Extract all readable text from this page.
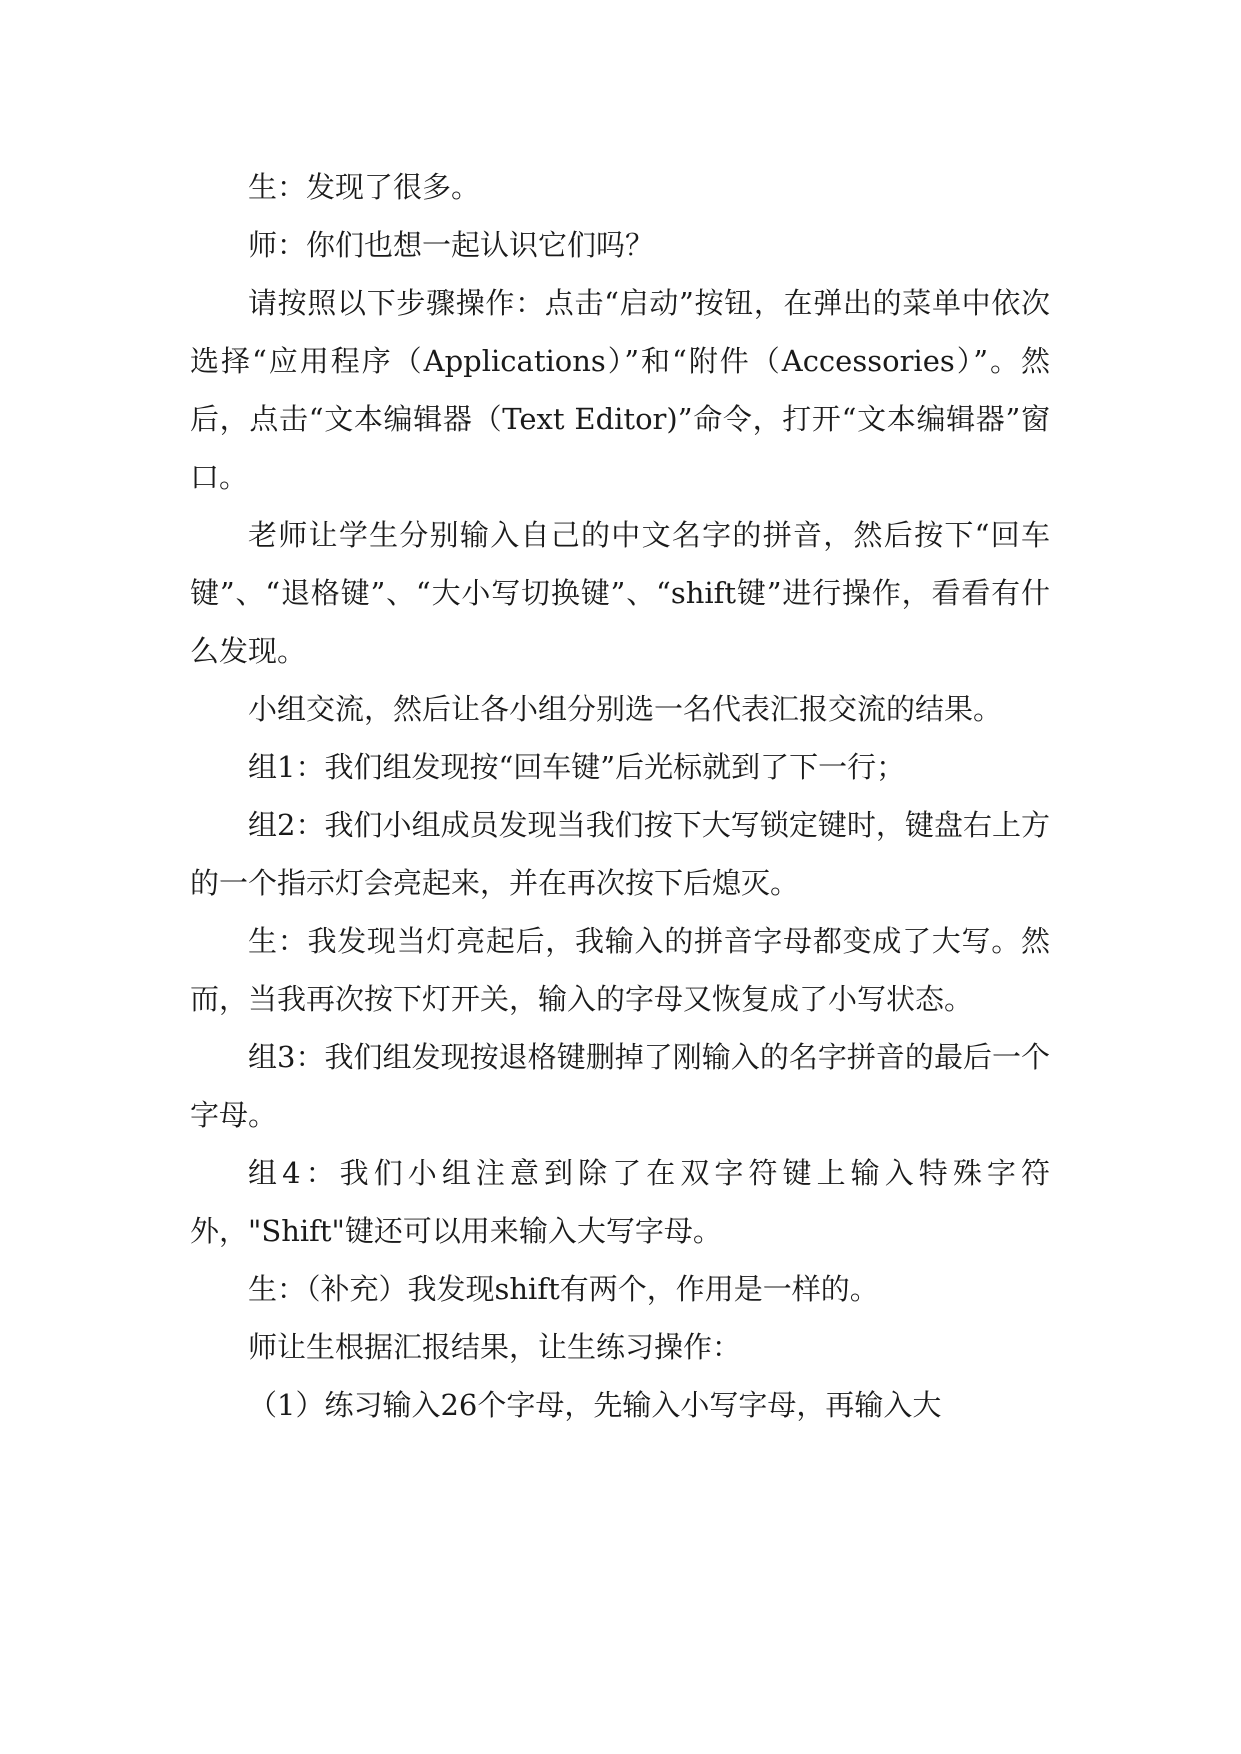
生：发现了很多。

师：你们也想一起认识它们吗？

请按照以下步骤操作：点击“启动”按钮，在弹出的菜单中依次选择“应用程序（Applications）”和“附件（Accessories）”。然后，点击“文本编辑器（Text Editor)”命令，打开“文本编辑器”窗口。

老师让学生分别输入自己的中文名字的拼音，然后按下“回车键”、“退格键”、“大小写切换键”、“shift键”进行操作，看看有什么发现。

小组交流，然后让各小组分别选一名代表汇报交流的结果。

组1：我们组发现按“回车键”后光标就到了下一行；

组2：我们小组成员发现当我们按下大写锁定键时，键盘右上方的一个指示灯会亮起来，并在再次按下后熄灭。

生：我发现当灯亮起后，我输入的拼音字母都变成了大写。然而，当我再次按下灯开关，输入的字母又恢复成了小写状态。

组3：我们组发现按退格键删掉了刚输入的名字拼音的最后一个字母。

组4：我们小组注意到除了在双字符键上输入特殊字符外，"Shift"键还可以用来输入大写字母。

生：（补充）我发现shift有两个，作用是一样的。

师让生根据汇报结果，让生练习操作：

（1）练习输入26个字母，先输入小写字母，再输入大
